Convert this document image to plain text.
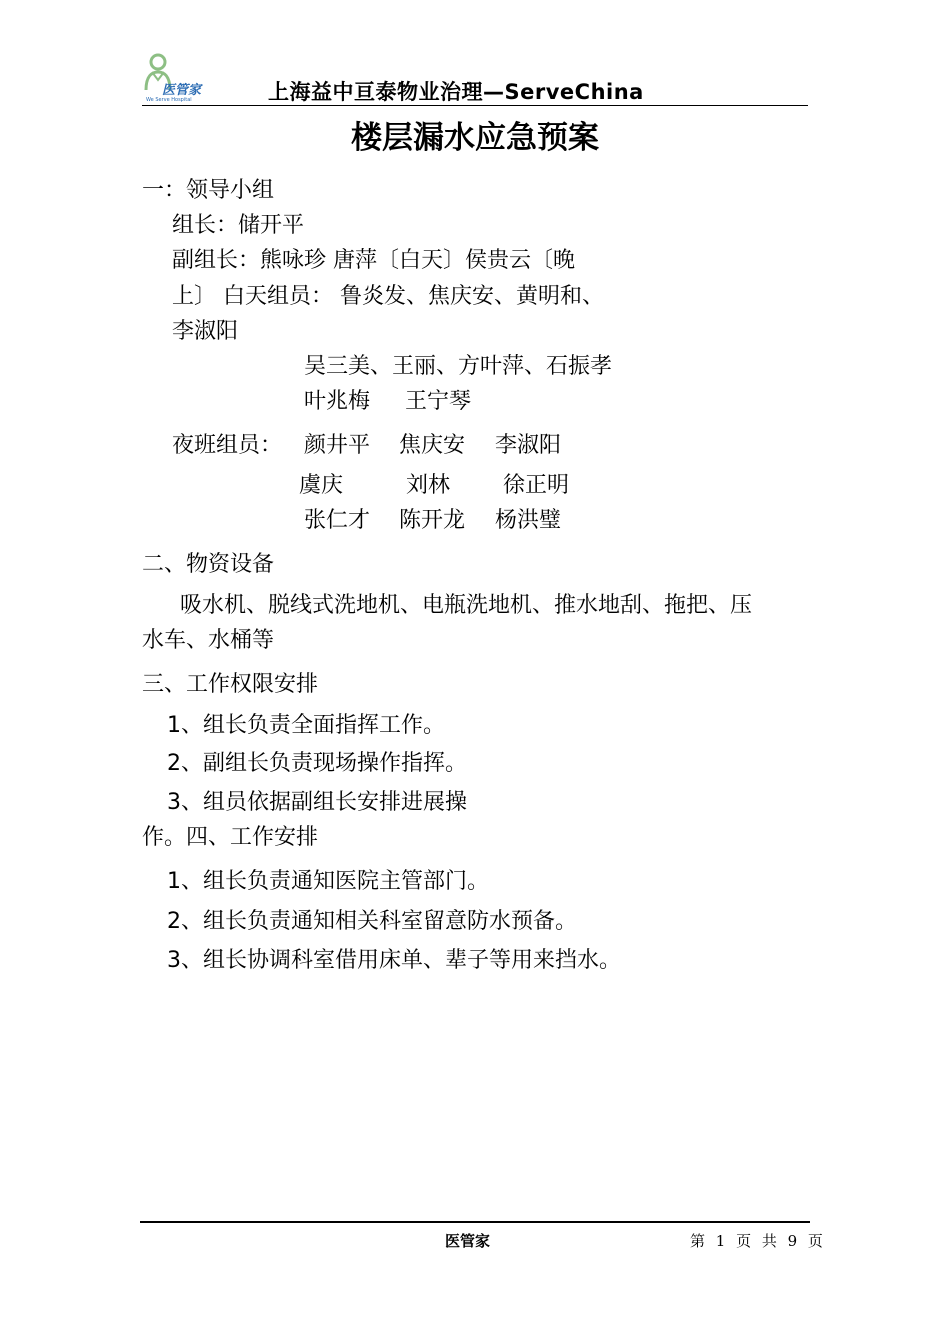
医管家
We Serve Hospital	上海益中亘泰物业治理—ServeChina
楼层漏水应急预案
一：领导小组
组长：储开平
副组长：熊咏珍 唐萍〔白天〕侯贵云〔晚
上〕 白天组员： 鲁炎发、焦庆安、黄明和、
李淑阳
吴三美、王丽、方叶萍、石振孝
叶兆梅     王宁琴
夜班组员： 颜井平 焦庆安 李淑阳
虞庆	刘林 徐正明
张仁才 陈开龙 杨洪璧
二、物资设备
吸水机、脱线式洗地机、电瓶洗地机、推水地刮、拖把、压
水车、水桶等
三、工作权限安排
1、组长负责全面指挥工作。
2、副组长负责现场操作指挥。
3、组员依据副组长安排进展操
作。四、工作安排
1、组长负责通知医院主管部门。
2、组长负责通知相关科室留意防水预备。
3、组长协调科室借用床单、辈子等用来挡水。
医管家	第 1 页 共 9 页
